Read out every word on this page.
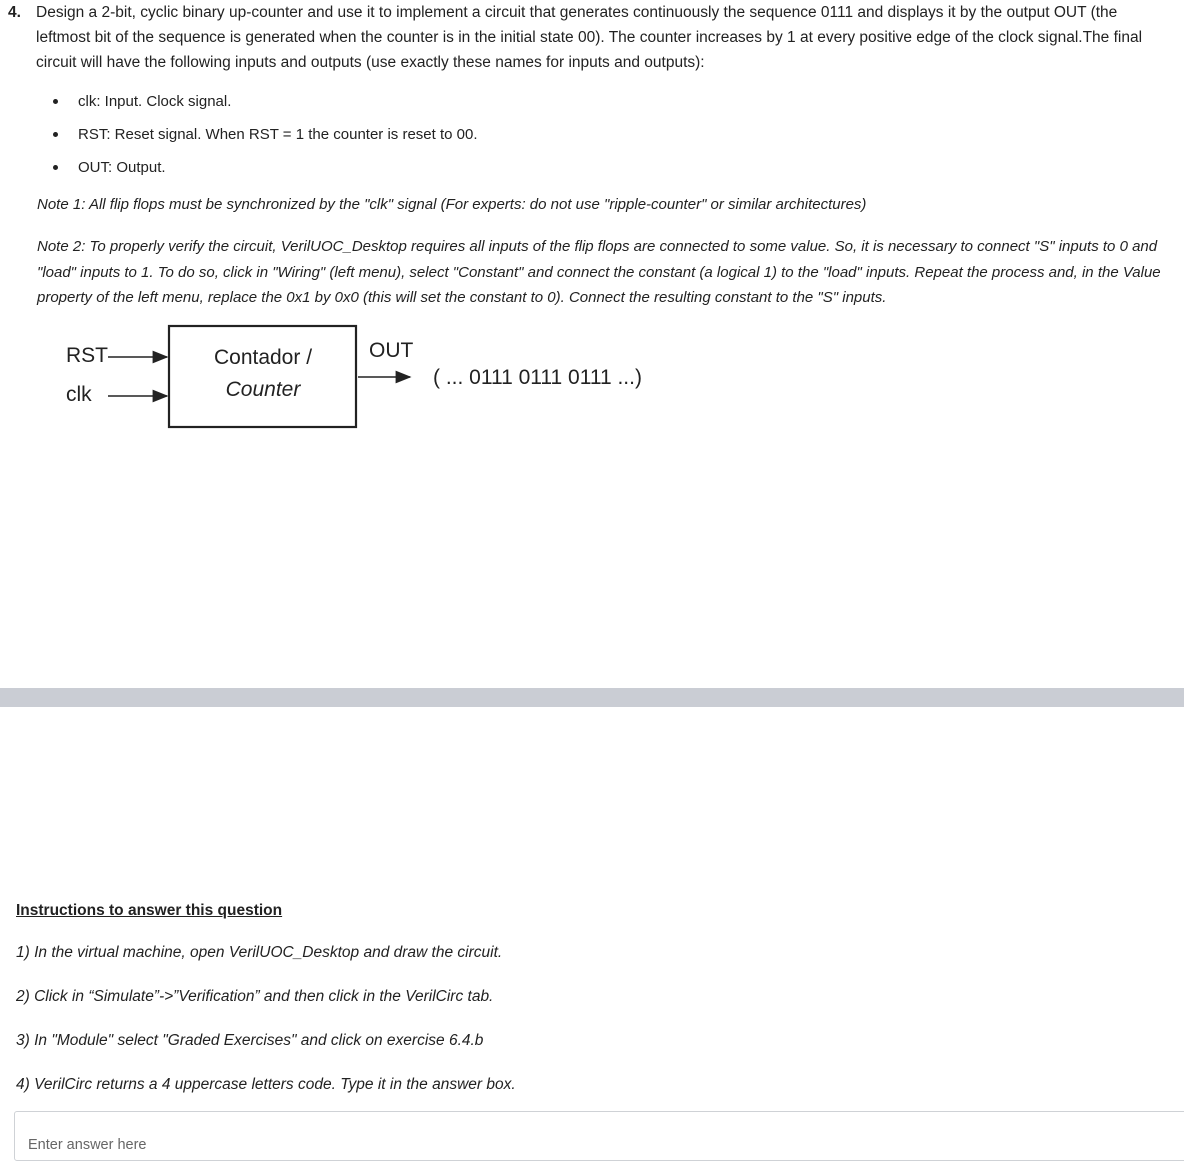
4. Design a 2-bit, cyclic binary up-counter and use it to implement a circuit that generates continuously the sequence 0111 and displays it by the output OUT (the leftmost bit of the sequence is generated when the counter is in the initial state 00). The counter increases by 1 at every positive edge of the clock signal.The final circuit will have the following inputs and outputs (use exactly these names for inputs and outputs):
clk: Input. Clock signal.
RST: Reset signal. When RST = 1 the counter is reset to 00.
OUT: Output.
Note 1: All flip flops must be synchronized by the "clk" signal (For experts: do not use "ripple-counter" or similar architectures)
Note 2: To properly verify the circuit, VerilUOC_Desktop requires all inputs of the flip flops are connected to some value. So, it is necessary to connect "S" inputs to 0 and "load" inputs to 1. To do so, click in "Wiring" (left menu), select "Constant" and connect the constant (a logical 1) to the "load" inputs. Repeat the process and, in the Value property of the left menu, replace the 0x1 by 0x0 (this will set the constant to 0). Connect the resulting constant to the "S" inputs.
RST
clk
Contador /
Counter
OUT
( ... 0111 0111 0111 ...)

Instructions to answer this question

1) In the virtual machine, open VerilUOC_Desktop and draw the circuit.

2) Click in “Simulate”->”Verification” and then click in the VerilCirc tab.

3) In "Module" select "Graded Exercises" and click on exercise 6.4.b

4) VerilCirc returns a 4 uppercase letters code. Type it in the answer box.

Enter answer here
